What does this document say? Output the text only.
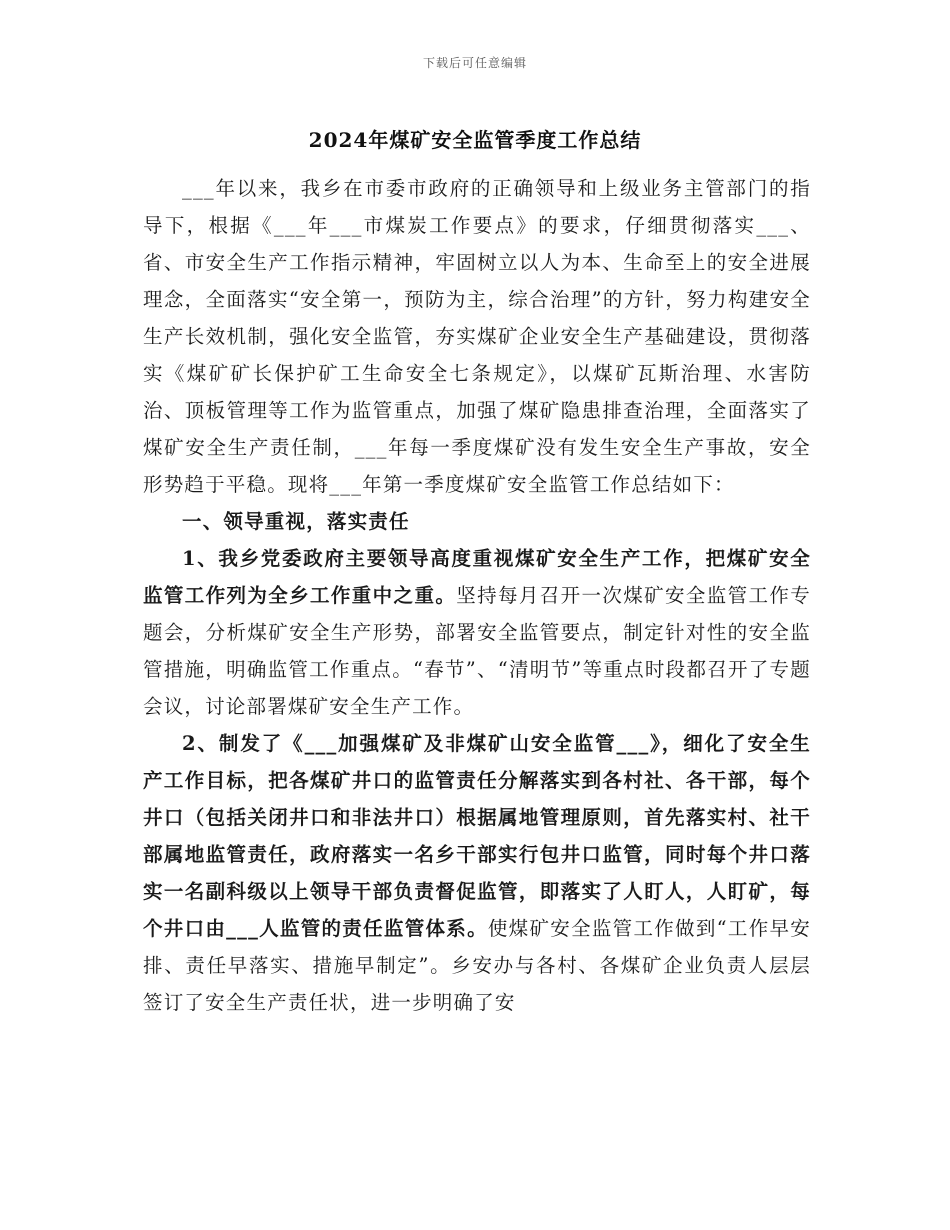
下载后可任意编辑
2024年煤矿安全监管季度工作总结

___年以来，我乡在市委市政府的正确领导和上级业务主管部门的指导下，根据《___年___市煤炭工作要点》的要求，仔细贯彻落实___、省、市安全生产工作指示精神，牢固树立以人为本、生命至上的安全进展理念，全面落实“安全第一，预防为主，综合治理”的方针，努力构建安全生产长效机制，强化安全监管，夯实煤矿企业安全生产基础建设，贯彻落实《煤矿矿长保护矿工生命安全七条规定》，以煤矿瓦斯治理、水害防治、顶板管理等工作为监管重点，加强了煤矿隐患排查治理，全面落实了煤矿安全生产责任制，___年每一季度煤矿没有发生安全生产事故，安全形势趋于平稳。现将___年第一季度煤矿安全监管工作总结如下：

一、领导重视，落实责任

1、我乡党委政府主要领导高度重视煤矿安全生产工作，把煤矿安全监管工作列为全乡工作重中之重。坚持每月召开一次煤矿安全监管工作专题会，分析煤矿安全生产形势，部署安全监管要点，制定针对性的安全监管措施，明确监管工作重点。“春节”、“清明节”等重点时段都召开了专题会议，讨论部署煤矿安全生产工作。

2、制发了《___加强煤矿及非煤矿山安全监管___》，细化了安全生产工作目标，把各煤矿井口的监管责任分解落实到各村社、各干部，每个井口（包括关闭井口和非法井口）根据属地管理原则，首先落实村、社干部属地监管责任，政府落实一名乡干部实行包井口监管，同时每个井口落实一名副科级以上领导干部负责督促监管，即落实了人盯人，人盯矿，每个井口由___人监管的责任监管体系。使煤矿安全监管工作做到“工作早安排、责任早落实、措施早制定”。乡安办与各村、各煤矿企业负责人层层签订了安全生产责任状，进一步明确了安
